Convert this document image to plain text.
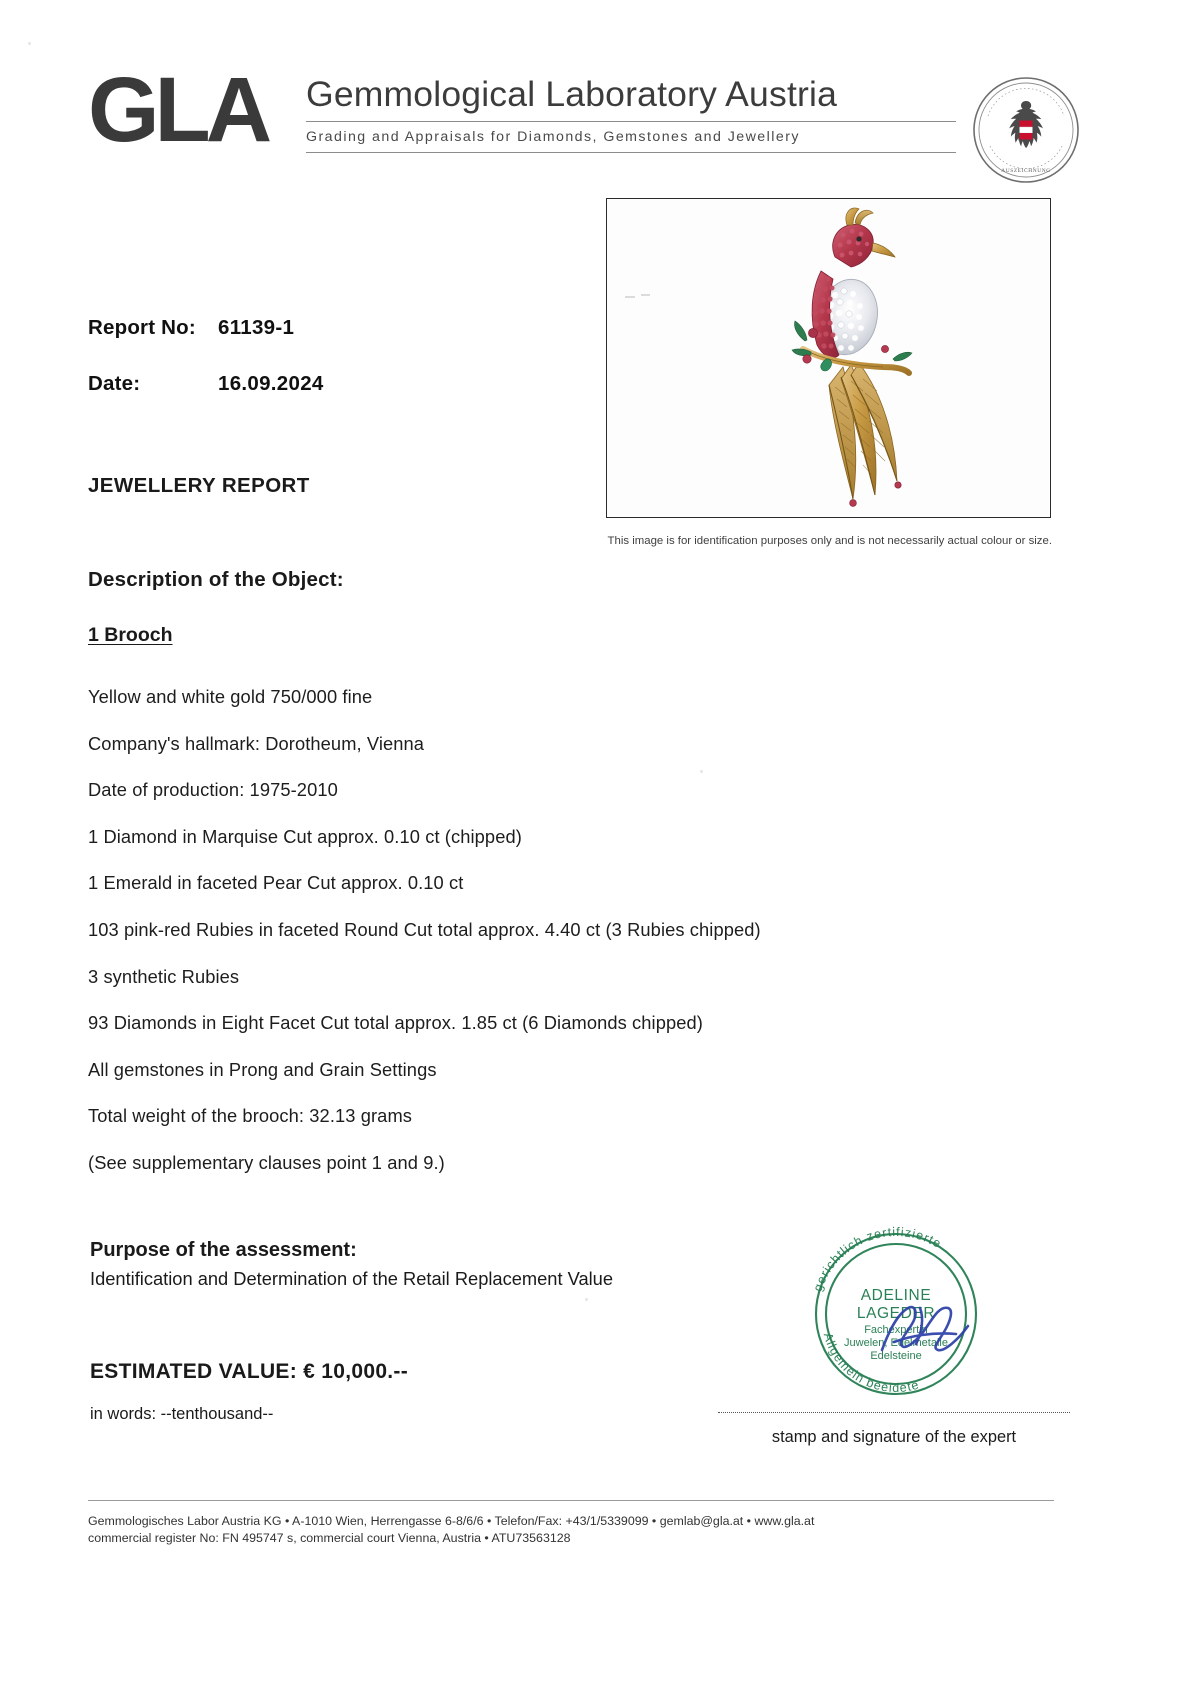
GLA Gemmological Laboratory Austria
Grading and Appraisals for Diamonds, Gemstones and Jewellery
AUSZEICHNUNG
This image is for identification purposes only and is not necessarily actual colour or size.
Report No:	61139-1
Date:	16.09.2024
JEWELLERY REPORT
Description of the Object:
1 Brooch
Yellow and white gold 750/000 fine
Company's hallmark: Dorotheum, Vienna
Date of production: 1975-2010
1 Diamond in Marquise Cut approx. 0.10 ct (chipped)
1 Emerald in faceted Pear Cut approx. 0.10 ct
103 pink-red Rubies in faceted Round Cut total approx. 4.40 ct (3 Rubies chipped)
3 synthetic Rubies
93 Diamonds in Eight Facet Cut total approx. 1.85 ct (6 Diamonds chipped)
All gemstones in Prong and Grain Settings
Total weight of the brooch: 32.13 grams
(See supplementary clauses point 1 and 9.)
Purpose of the assessment:
Identification and Determination of the Retail Replacement Value
ESTIMATED VALUE: € 10,000.--
in words: --tenthousand--
gerichtlich zertifizierte
Allgemein beeidete
ADELINE
LAGEDER
Fachexpertin
Juwelen, Edelmetalle
Edelsteine
stamp and signature of the expert
Gemmologisches Labor Austria KG • A-1010 Wien, Herrengasse 6-8/6/6 • Telefon/Fax: +43/1/5339099 • gemlab@gla.at • www.gla.at
commercial register No: FN 495747 s, commercial court Vienna, Austria • ATU73563128
